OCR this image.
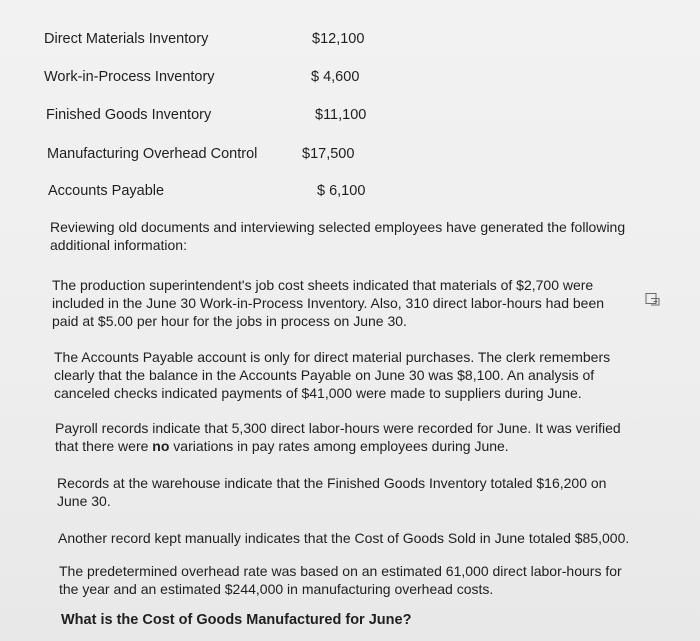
Direct Materials Inventory	$12,100
Work-in-Process Inventory	$ 4,600
Finished Goods Inventory	$11,100
Manufacturing Overhead Control	$17,500
Accounts Payable	$ 6,100
Reviewing old documents and interviewing selected employees have generated the following
additional information:
The production superintendent's job cost sheets indicated that materials of $2,700 were
included in the June 30 Work-in-Process Inventory. Also, 310 direct labor-hours had been
paid at $5.00 per hour for the jobs in process on June 30.
The Accounts Payable account is only for direct material purchases. The clerk remembers
clearly that the balance in the Accounts Payable on June 30 was $8,100. An analysis of
canceled checks indicated payments of $41,000 were made to suppliers during June.
Payroll records indicate that 5,300 direct labor-hours were recorded for June. It was verified
that there were no variations in pay rates among employees during June.
Records at the warehouse indicate that the Finished Goods Inventory totaled $16,200 on
June 30.
Another record kept manually indicates that the Cost of Goods Sold in June totaled $85,000.
The predetermined overhead rate was based on an estimated 61,000 direct labor-hours for
the year and an estimated $244,000 in manufacturing overhead costs.
What is the Cost of Goods Manufactured for June?
